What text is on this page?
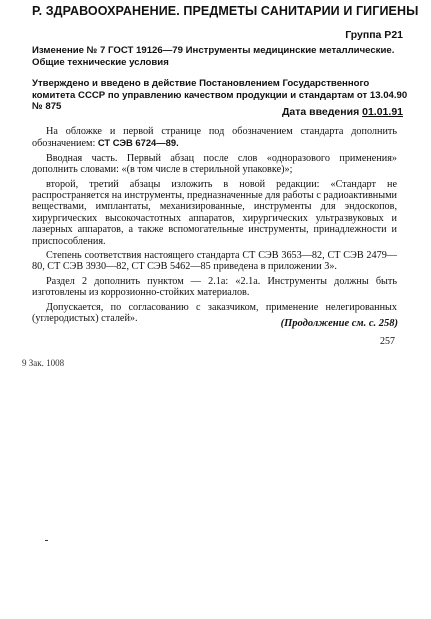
Р. ЗДРАВООХРАНЕНИЕ. ПРЕДМЕТЫ САНИТАРИИ И ГИГИЕНЫ
Группа Р21
Изменение № 7 ГОСТ 19126—79 Инструменты медицинские металлические. Общие технические условия
Утверждено и введено в действие Постановлением Государственного комитета СССР по управлению качеством продукции и стандартам от 13.04.90 № 875	Дата введения 01.01.91

На обложке и первой странице под обозначением стандарта дополнить обозначением: СТ СЭВ 6724—89.

Вводная часть. Первый абзац после слов «одноразового применения» дополнить словами: «(в том числе в стерильной упаковке)»;

второй, третий абзацы изложить в новой редакции: «Стандарт не распространяется на инструменты, предназначенные для работы с радиоактивными веществами, имплантаты, механизированные, инструменты для эндоскопов, хирургических высокочастотных аппаратов, хирургических ультразвуковых и лазерных аппаратов, а также вспомогательные инструменты, принадлежности и приспособления.

Степень соответствия настоящего стандарта СТ СЭВ 3653—82, СТ СЭВ 2479—80, СТ СЭВ 3930—82, СТ СЭВ 5462—85 приведена в приложении 3».

Раздел 2 дополнить пунктом — 2.1а: «2.1а. Инструменты должны быть изготовлены из коррозионно-стойких материалов.

Допускается, по согласованию с заказчиком, применение нелегированных (углеродистых) сталей».	(Продолжение см. с. 258)
257
9 Зак. 1008
